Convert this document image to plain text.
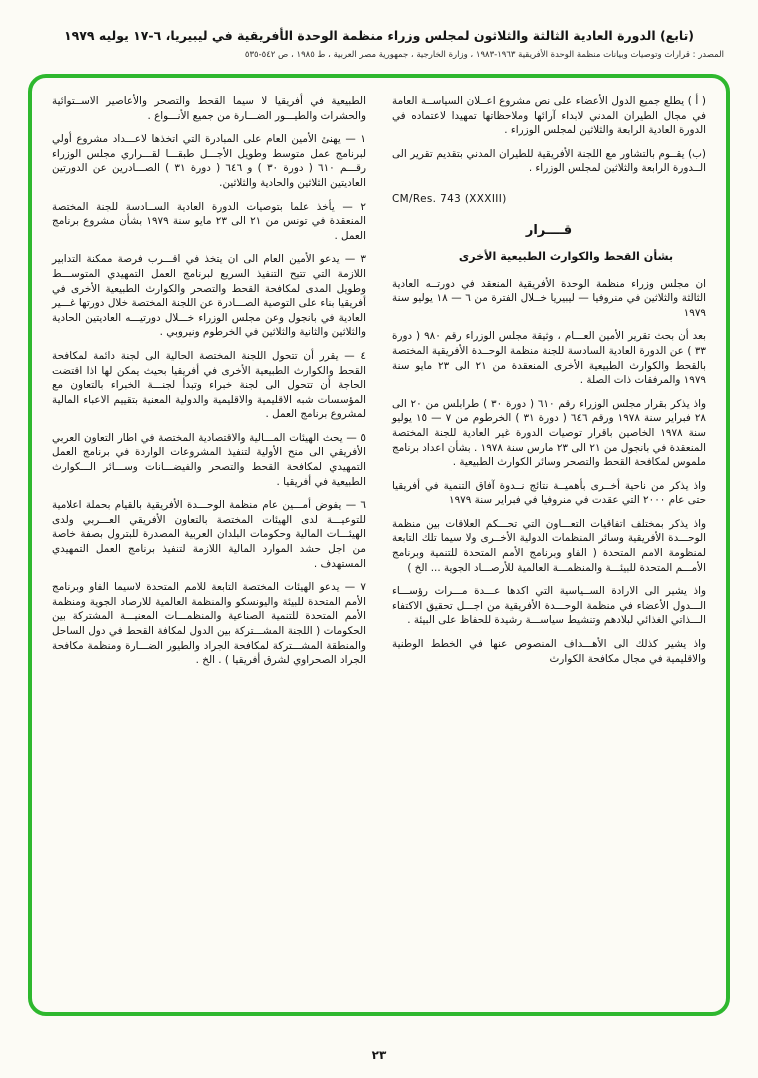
(تابع) الدورة العادية الثالثة والثلاثون لمجلس وزراء منظمة الوحدة الأفريقية في ليبيريا، ٦-١٧ يوليه ١٩٧٩
المصدر : قرارات وتوصيات وبيانات منظمة الوحدة الأفريقية ١٩٦٣-١٩٨٣ ، وزارة الخارجية ، جمهورية مصر العربية ، ط ١٩٨٥ ، ص ٥٤٢-٥٣٥

( أ ) يطلع جميع الدول الأعضاء على نص مشروع اعــلان السياســة العامة في مجال الطيران المدني لابداء آرائها وملاحظاتها تمهيدا لاعتماده في الدورة العادية الرابعة والثلاثين لمجلس الوزراء .

(ب) يقــوم بالتشاور مع اللجنة الأفريقية للطيران المدني بتقديم تقرير الى الــدورة الرابعة والثلاثين لمجلس الوزراء .

CM/Res. 743 (XXXIII)

قــــرار
بشأن القحط والكوارث الطبيعية الأخرى

ان مجلس وزراء منظمة الوحدة الأفريقية المنعقد في دورتــه العادية الثالثة والثلاثين في منروفيا — ليبيريا خــلال الفترة من ٦ — ١٨ يوليو سنة ١٩٧٩

بعد أن بحث تقرير الأمين العـــام ، وثيقة مجلس الوزراء رقم ٩٨٠ ( دورة ٣٣ ) عن الدورة العادية السادسة للجنة منظمة الوحــدة الأفريقية المختصة بالقحط والكوارث الطبيعية الأخرى المنعقدة من ٢١ الى ٢٣ مايو سنة ١٩٧٩ والمرفقات ذات الصلة .

واذ يذكر بقرار مجلس الوزراء رقم ٦١٠ ( دورة ٣٠ ) طرابلس من ٢٠ الى ٢٨ فبراير سنة ١٩٧٨ ورقم ٦٤٦ ( دورة ٣١ ) الخرطوم من ٧ — ١٥ يوليو سنة ١٩٧٨ الخاصين باقرار توصيات الدورة غير العادية للجنة المختصة المنعقدة في بانجول من ٢١ الى ٢٣ مارس سنة ١٩٧٨ . بشأن اعداد برنامج ملموس لمكافحة القحط والتصحر وسائر الكوارث الطبيعية .

واذ يذكر من ناحية أخــرى بأهميــة نتائج نــدوة آفاق التنمية في أفريقيا حتى عام ٢٠٠٠ التي عقدت في منروفيا في فبراير سنة ١٩٧٩

واذ يذكر بمختلف اتفاقيات التعـــاون التي تحـــكم العلاقات بين منظمة الوحـــدة الأفريقية وسائر المنظمات الدولية الأخــرى ولا سيما تلك التابعة لمنظومة الامم المتحدة ( الفاو وبرنامج الأمم المتحدة للتنمية وبرنامج الأمـــم المتحدة للبيئـــة والمنظمـــة العالمية للأرصـــاد الجوية ... الخ )

واذ يشير الى الارادة الســياسية التي اكدها عـــدة مـــرات رؤســـاء الـــدول الأعضاء في منظمة الوحـــدة الأفريقية من اجـــل تحقيق الاكتفاء الـــذاتي الغذائي لبلادهم وتنشيط سياســـة رشيدة للحفاظ على البيئة .

واذ يشير كذلك الى الأهـــداف المنصوص عنها في الخطط الوطنية والاقليمية في مجال مكافحة الكوارث

الطبيعية في أفريقيا لا سيما القحط والتصحر والأعاصير الاســتوائية والحشرات والطيـــور الضـــارة من جميع الأنـــواع .

١ — يهنئ الأمين العام على المبادرة التي اتخذها لاعـــداد مشروع أولي لبرنامج عمل متوسط وطويل الأجـــل طبقـــا لقـــراري مجلس الوزراء رقـــم ٦١٠ ( دورة ٣٠ ) و ٦٤٦ ( دورة ٣١ ) الصـــادرين عن الدورتين العاديتين الثلاثين والحادية والثلاثين.

٢ — يأخذ علما بتوصيات الدورة العادية الســادسة للجنة المختصة المنعقدة في تونس من ٢١ الى ٢٣ مايو سنة ١٩٧٩ بشأن مشروع برنامج العمل .

٣ — يدعو الأمين العام الى ان يتخذ في اقـــرب فرصة ممكنة التدابير اللازمة التي تتيح التنفيذ السريع لبرنامج العمل التمهيدي المتوســـط وطويل المدى لمكافحة القحط والتصحر والكوارث الطبيعية الأخرى في أفريقيا بناء على التوصية الصـــادرة عن اللجنة المختصة خلال دورتها غـــير العادية في بانجول وعن مجلس الوزراء خـــلال دورتيـــه العاديتين الحادية والثلاثين والثانية والثلاثين في الخرطوم ونيروبي .

٤ — يقرر أن تتحول اللجنة المختصة الحالية الى لجنة دائمة لمكافحة القحط والكوارث الطبيعية الأخرى في أفريقيا بحيث يمكن لها اذا اقتضت الحاجة أن تتحول الى لجنة خبراء وتبدأ لجنـــة الخبراء بالتعاون مع المؤسسات شبه الاقليمية والاقليمية والدولية المعنية بتقييم الاعباء المالية لمشروع برنامج العمل .

٥ — يحث الهيئات المـــالية والاقتصادية المختصة في اطار التعاون العربي الأفريقي الى منح الأولية لتنفيذ المشروعات الواردة في برنامج العمل التمهيدي لمكافحة القحط والتصحر والفيضـــانات وســـائر الـــكوارث الطبيعية في أفريقيا .

٦ — يفوض أمـــين عام منظمة الوحـــدة الأفريقية بالقيام بحملة اعلامية للتوعيـــة لدى الهيئات المختصة بالتعاون الأفريقي العـــربي ولدى الهيئـــات المالية وحكومات البلدان العربية المصدرة للبترول بصفة خاصة من اجل حشد الموارد المالية اللازمة لتنفيذ برنامج العمل التمهيدي المستهدف .

٧ — يدعو الهيئات المختصة التابعة للامم المتحدة لاسيما الفاو وبرنامج الأمم المتحدة للبيئة واليونسكو والمنظمة العالمية للارصاد الجوية ومنظمة الأمم المتحدة للتنمية الصناعية والمنظمـــات المعنيـــة المشتركة بين الحكومات ( اللجنة المشـــتركة بين الدول لمكافة القحط في دول الساحل والمنطقة المشـــتركة لمكافحة الجراد والطيور الضـــارة ومنظمة مكافحة الجراد الصحراوي لشرق أفريقيا ) . الخ .

٢٣
